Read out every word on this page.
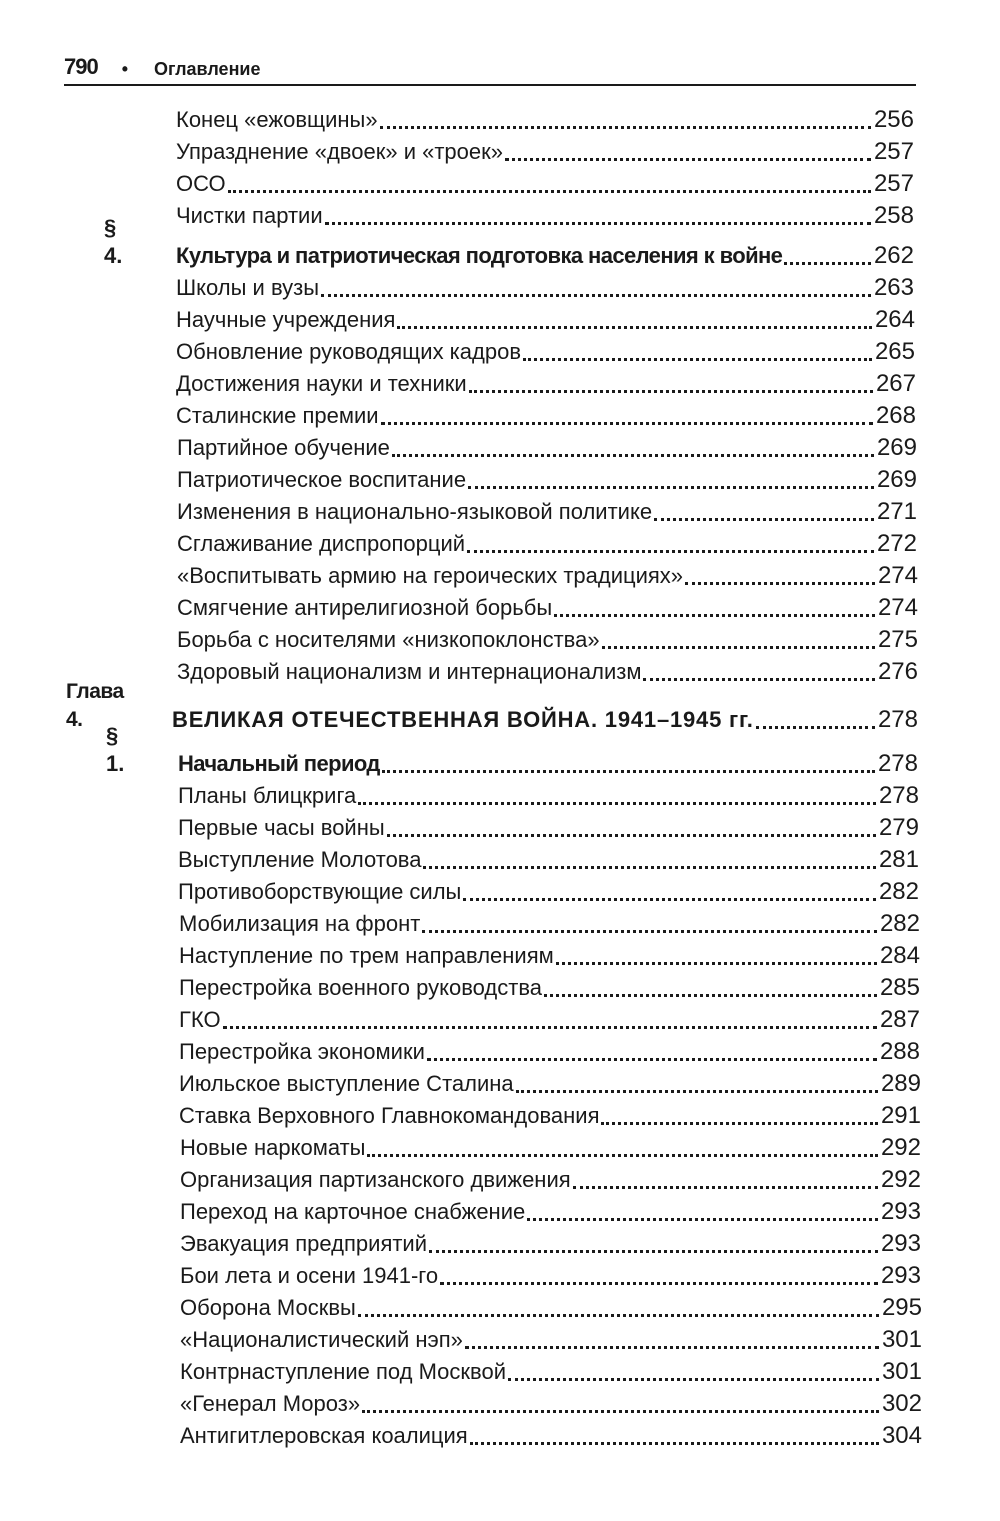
790 • Оглавление
Конец «ежовщины»	256
Упразднение «двоек» и «троек»	257
ОСО	257
Чистки партии	258
§ 4. Культура и патриотическая подготовка населения к войне	262
Школы и вузы	263
Научные учреждения	264
Обновление руководящих кадров	265
Достижения науки и техники	267
Сталинские премии	268
Партийное обучение	269
Патриотическое воспитание	269
Изменения в национально-языковой политике	271
Сглаживание диспропорций	272
«Воспитывать армию на героических традициях»	274
Смягчение антирелигиозной борьбы	274
Борьба с носителями «низкопоклонства»	275
Здоровый национализм и интернационализм	276
Глава 4.	ВЕЛИКАЯ ОТЕЧЕСТВЕННАЯ ВОЙНА. 1941–1945 гг.	278
§ 1. Начальный период	278
Планы блицкрига	278
Первые часы войны	279
Выступление Молотова	281
Противоборствующие силы	282
Мобилизация на фронт	282
Наступление по трем направлениям	284
Перестройка военного руководства	285
ГКО	287
Перестройка экономики	288
Июльское выступление Сталина	289
Ставка Верховного Главнокомандования	291
Новые наркоматы	292
Организация партизанского движения	292
Переход на карточное снабжение	293
Эвакуация предприятий	293
Бои лета и осени 1941-го	293
Оборона Москвы	295
«Националистический нэп»	301
Контрнаступление под Москвой	301
«Генерал Мороз»	302
Антигитлеровская коалиция	304
